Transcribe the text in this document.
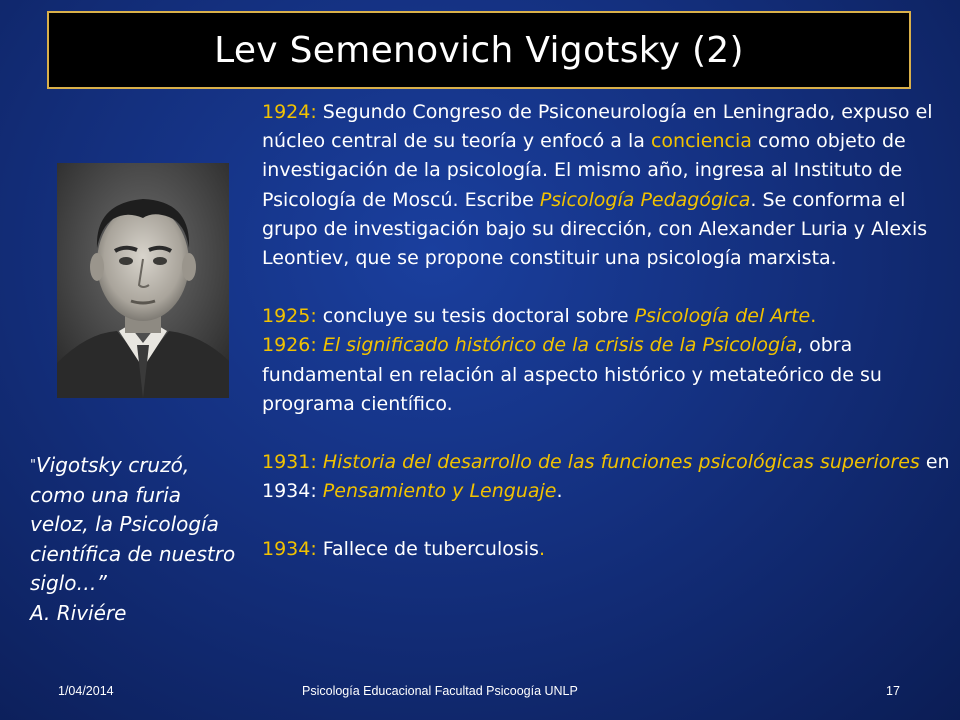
Lev Semenovich Vigotsky (2)

"Vigotsky cruzó, como una furia veloz, la Psicología científica de nuestro siglo…”

A. Riviére

1924: Segundo Congreso de Psiconeurología en Leningrado, expuso el núcleo central de su teoría y enfocó a la conciencia como objeto de investigación de la psicología. El mismo año, ingresa al Instituto de Psicología de Moscú. Escribe Psicología Pedagógica. Se conforma el grupo de investigación bajo su dirección, con Alexander Luria y Alexis Leontiev, que se propone constituir una psicología marxista.

1925: concluye su tesis doctoral sobre Psicología del Arte.

1926: El significado histórico de la crisis de la Psicología, obra fundamental en relación al aspecto histórico y metateórico de su programa científico.

1931: Historia del desarrollo de las funciones psicológicas superiores en 1934: Pensamiento y Lenguaje.

1934: Fallece de tuberculosis.

1/04/2014	Psicología Educacional Facultad Psicoogía UNLP	17
